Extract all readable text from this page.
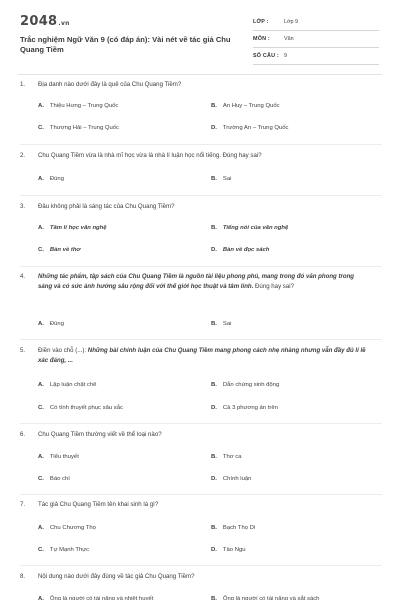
2048.vn
Trắc nghiệm Ngữ Văn 9 (có đáp án): Vài nét về tác giả Chu Quang Tiềm
LỚP :	Lớp 9
MÔN :	Văn
SỐ CÂU : 9
1. Địa danh nào dưới đây là quê của Chu Quang Tiềm?
A. Thiệu Hưng – Trung Quốc	B. An Huy – Trung Quốc
C. Thượng Hải – Trung Quốc	D. Trường An – Trung Quốc
2. Chu Quang Tiềm vừa là nhà mĩ học vừa là nhà lí luận học nổi tiếng. Đúng hay sai?
A. Đúng	B. Sai
3. Đâu không phải là sáng tác của Chu Quang Tiềm?
A. Tâm lí học văn nghệ	B. Tiếng nói của văn nghệ
C. Bàn về thơ	D. Bàn về đọc sách
4. Những tác phẩm, tập sách của Chu Quang Tiềm là nguồn tài liệu phong phú, mang trong đó văn phong trong sáng và có sức ảnh hưởng sâu rộng đối với thế giới học thuật và tâm linh. Đúng hay sai?
A. Đúng	B. Sai
5. Điền vào chỗ (...): Những bài chính luận của Chu Quang Tiềm mang phong cách nhẹ nhàng nhưng vẫn đầy đủ lí lẽ xác đáng, ...
A. Lập luận chặt chẽ	B. Dẫn chứng sinh động
C. Có tính thuyết phục sâu sắc	D. Cả 3 phương án trên
6. Chu Quang Tiềm thường viết về thể loại nào?
A. Tiểu thuyết	B. Thơ ca
C. Báo chí	D. Chính luận
7. Tác giả Chu Quang Tiềm tên khai sinh là gì?
A. Chu Chương Thọ	B. Bạch Thọ Di
C. Tự Mạnh Thực	D. Tào Ngu
8. Nội dung nào dưới đây đúng về tác giả Chu Quang Tiềm?
A. Ông là người có tài năng và nhiệt huyết	B. Ông là người có tài năng và sắt sách
